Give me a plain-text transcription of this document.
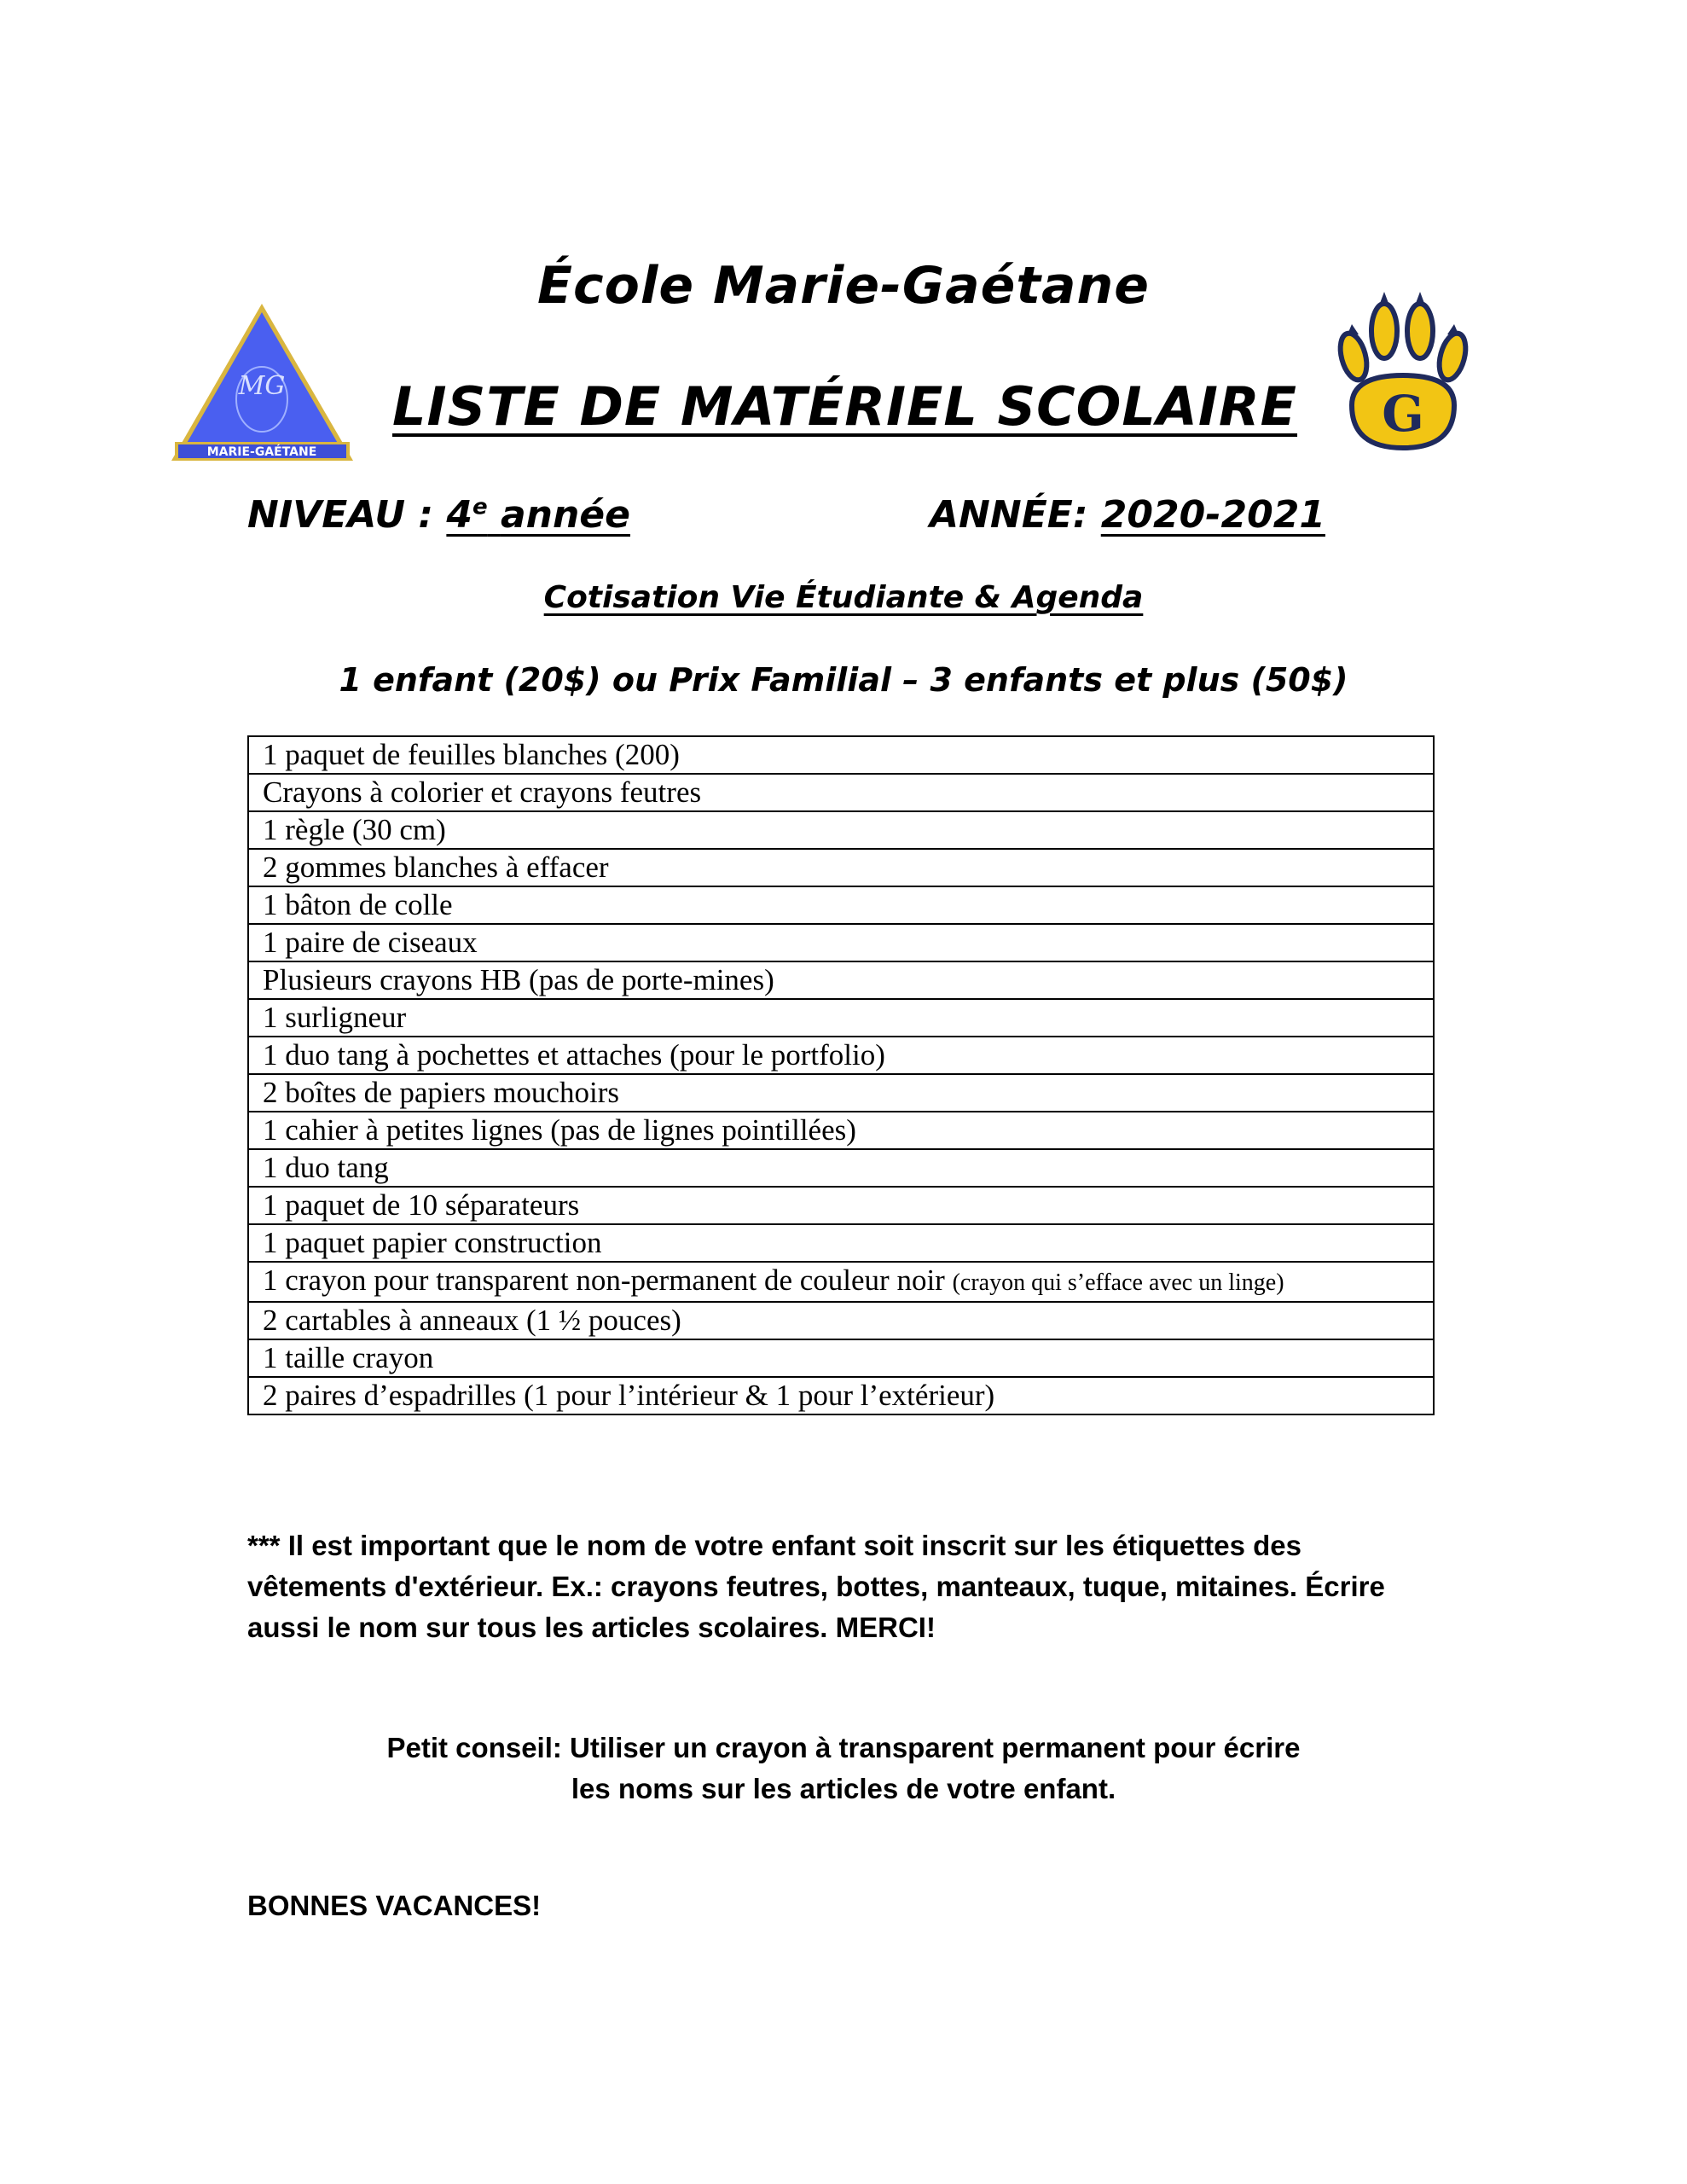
École Marie-Gaétane
MG
MARIE-GAÉTANE
LISTE DE MATÉRIEL SCOLAIRE G
NIVEAU : 4e année	ANNÉE: 2020-2021
Cotisation Vie Étudiante & Agenda
1 enfant (20$) ou Prix Familial – 3 enfants et plus (50$)
1 paquet de feuilles blanches (200)
Crayons à colorier et crayons feutres
1 règle (30 cm)
2 gommes blanches à effacer
1 bâton de colle
1 paire de ciseaux
Plusieurs crayons HB (pas de porte-mines)
1 surligneur
1 duo tang à pochettes et attaches (pour le portfolio)
2 boîtes de papiers mouchoirs
1 cahier à petites lignes (pas de lignes pointillées)
1 duo tang
1 paquet de 10 séparateurs
1 paquet papier construction
1 crayon pour transparent non-permanent de couleur noir (crayon qui s’efface avec un linge)
2 cartables à anneaux (1 ½ pouces)
1 taille crayon
2 paires d’espadrilles (1 pour l’intérieur & 1 pour l’extérieur)
*** Il est important que le nom de votre enfant soit inscrit sur les étiquettes des
vêtements d'extérieur. Ex.: crayons feutres, bottes, manteaux, tuque, mitaines. Écrire
aussi le nom sur tous les articles scolaires. MERCI!
Petit conseil: Utiliser un crayon à transparent permanent pour écrire
les noms sur les articles de votre enfant.
BONNES VACANCES!
